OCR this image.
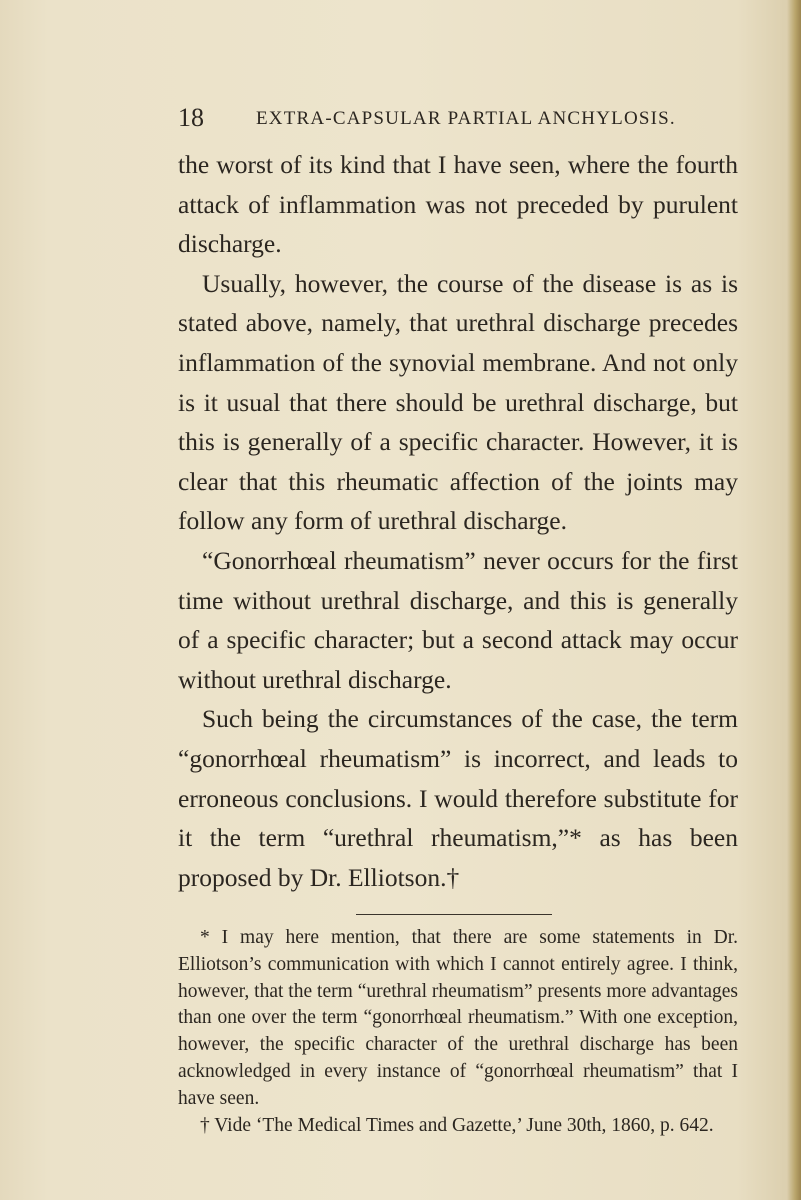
18	EXTRA-CAPSULAR PARTIAL ANCHYLOSIS.

the worst of its kind that I have seen, where the fourth attack of inflammation was not preceded by purulent discharge.

Usually, however, the course of the disease is as is stated above, namely, that urethral discharge precedes inflammation of the synovial membrane. And not only is it usual that there should be urethral discharge, but this is generally of a specific character. However, it is clear that this rheumatic affection of the joints may follow any form of urethral discharge.

“Gonorrhœal rheumatism” never occurs for the first time without urethral discharge, and this is generally of a specific character; but a second attack may occur without urethral discharge.

Such being the circumstances of the case, the term “gonorrhœal rheumatism” is incorrect, and leads to erroneous conclusions. I would therefore substitute for it the term “urethral rheumatism,”* as has been proposed by Dr. Elliotson.†

* I may here mention, that there are some statements in Dr. Elliotson’s communication with which I cannot entirely agree. I think, however, that the term “urethral rheumatism” presents more advantages than one over the term “gonorrhœal rheumatism.” With one exception, however, the specific character of the urethral discharge has been acknowledged in every instance of “gonorrhœal rheumatism” that I have seen.

† Vide ‘The Medical Times and Gazette,’ June 30th, 1860, p. 642.
